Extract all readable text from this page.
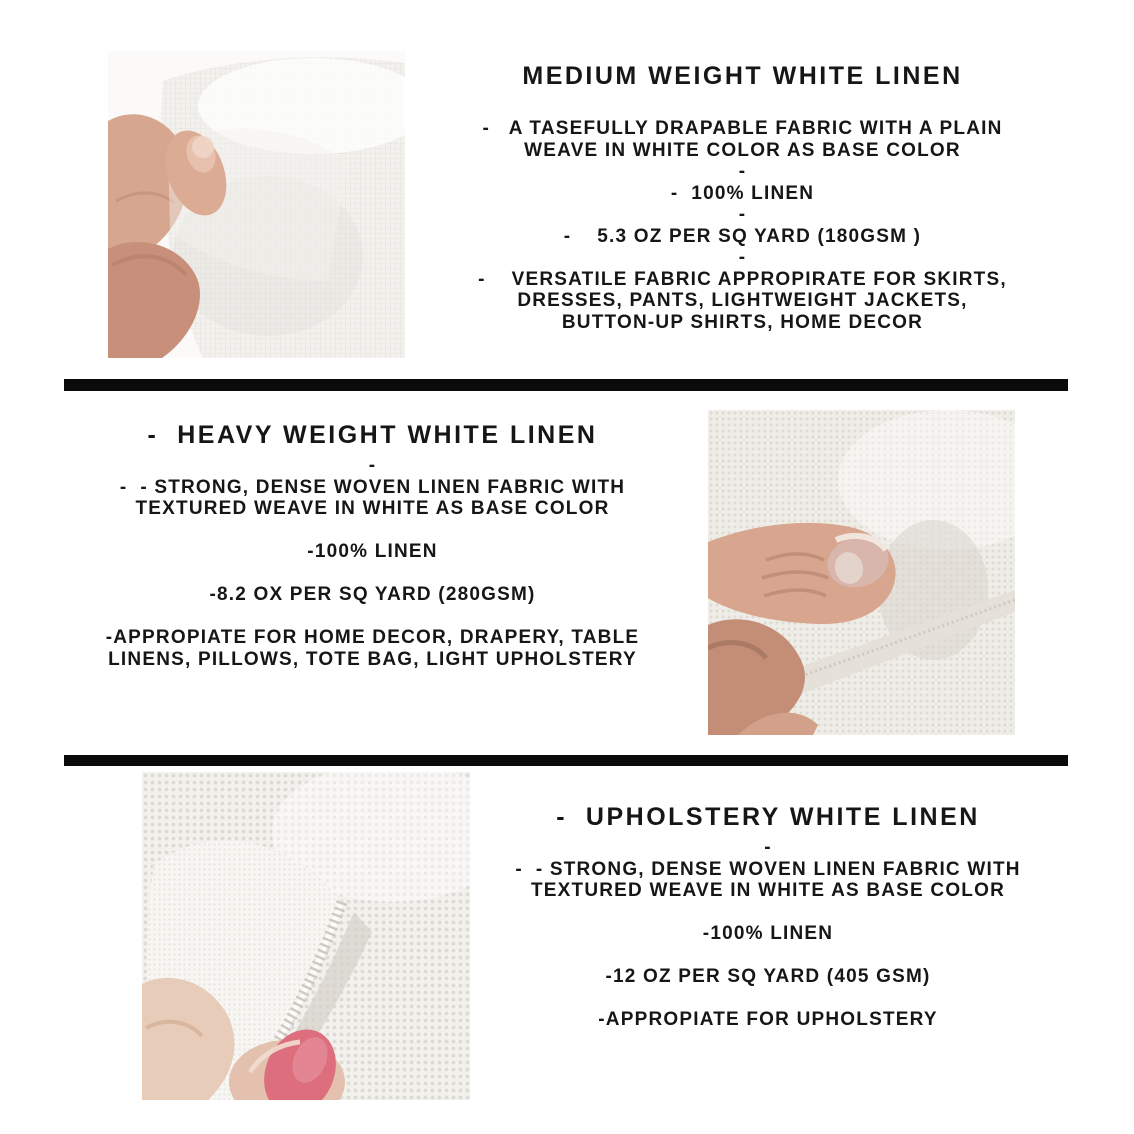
MEDIUM WEIGHT WHITE LINEN
-   A TASEFULLY DRAPABLE FABRIC WITH A PLAIN
WEAVE IN WHITE COLOR AS BASE COLOR
-
-  100% LINEN
-
-    5.3 OZ PER SQ YARD (180GSM )
-
-    VERSATILE FABRIC APPROPIRATE FOR SKIRTS,
DRESSES, PANTS, LIGHTWEIGHT JACKETS,
BUTTON-UP SHIRTS, HOME DECOR
-  HEAVY WEIGHT WHITE LINEN
-
-  - STRONG, DENSE WOVEN LINEN FABRIC WITH
TEXTURED WEAVE IN WHITE AS BASE COLOR
-100% LINEN
-8.2 OX PER SQ YARD (280GSM)
-APPROPIATE FOR HOME DECOR, DRAPERY, TABLE
LINENS, PILLOWS, TOTE BAG, LIGHT UPHOLSTERY
-  UPHOLSTERY WHITE LINEN
-
-  - STRONG, DENSE WOVEN LINEN FABRIC WITH
TEXTURED WEAVE IN WHITE AS BASE COLOR
-100% LINEN
-12 OZ PER SQ YARD (405 GSM)
-APPROPIATE FOR UPHOLSTERY
